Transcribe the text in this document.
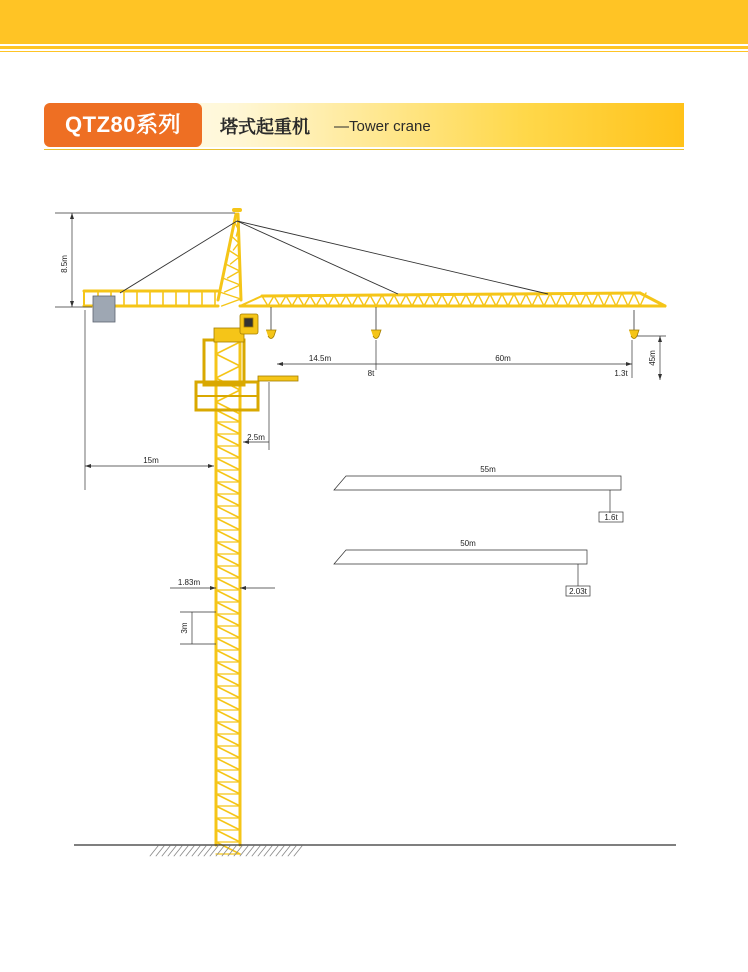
QTZ80系列	塔式起重机 —Tower crane
8.5m
15m
2.5m
14.5m
8t
60m
1.3t
45m
1.83m
3m
55m
1.6t
50m
2.03t
